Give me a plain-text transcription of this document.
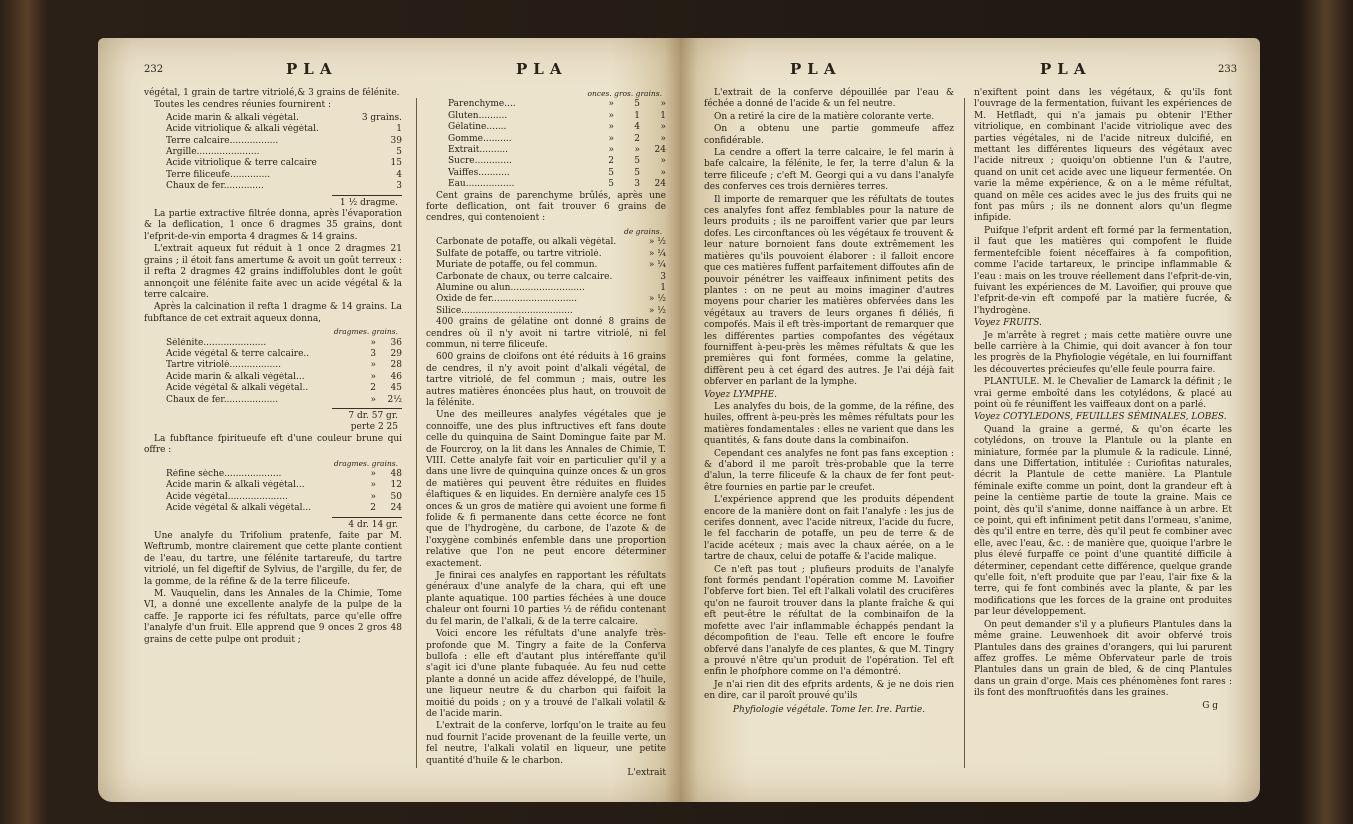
232	PLA	PLA

végétal, 1 grain de tartre vitriolé,& 3 grains de félénite.

Toutes les cendres réunies fournirent :

Acide marin & alkali végétal.	3 grains.
Acide vitriolique & alkali végétal.	1
Terre calcaire.................	39
Argille......................	5
Acide vitriolique & terre calcaire	15
Terre filiceufe..............	4
Chaux de fer..............	3
1 ½ dragme.

La partie extractive filtrée donna, après l'évaporation & la deflication, 1 once 6 dragmes 35 grains, dont l'efprit-de-vin emporta 4 dragmes & 14 grains.

L'extrait aqueux fut réduit à 1 once 2 dragmes 21 grains ; il étoit fans amertume & avoit un goût terreux : il refta 2 dragmes 42 grains indiffolubles dont le goût annonçoit une félénite faite avec un acide végétal & la terre calcaire.

Après la calcination il refta 1 dragme & 14 grains. La fubftance de cet extrait aqueux donna,

dragmes. grains.
Sélénite......................	»	36
Acide végétal & terre calcaire..	3	29
Tartre vitriolé..................	»	28
Acide marin & alkali végétal...	»	46
Acide végétal & alkali végétal..	2	45
Chaux de fer...................	»	2½
7 dr. 57 gr.
perte 2 25

La fubftance fpiritueufe eft d'une couleur brune qui offre :

dragmes. grains.
Réfine sèche....................	»	48
Acide marin & alkali végétal...	»	12
Acide végétal.....................	»	50
Acide végétal & alkali végétal...	2	24
4 dr. 14 gr.

Une analyfe du Trifolium pratenfe, faite par M. Weftrumb, montre clairement que cette plante contient de l'eau, du tartre, une félénite tartareufe, du tartre vitriolé, un fel digeftif de Sylvius, de l'argille, du fer, de la gomme, de la réfine & de la terre filiceufe.

M. Vauquelin, dans les Annales de la Chimie, Tome VI, a donné une excellente analyfe de la pulpe de la caffe. Je rapporte ici fes réfultats, parce qu'elle offre l'analyfe d'un fruit. Elle apprend que 9 onces 2 gros 48 grains de cette pulpe ont produit ;

onces. gros. grains.
Parenchyme....	»	5	»
Gluten..........	»	1	1
Gélatine.......	»	4	»
Gomme..........	»	2	»
Extrait..........	»	»	24
Sucre.............	2	5	»
Vaiffes...........	5	5	»
Eau.................	5	3	24

Cent grains de parenchyme brûlés, après une forte deflication, ont fait trouver 6 grains de cendres, qui contenoient :

de grains.
Carbonate de potaffe, ou alkali végétal.	» ½
Sulfate de potaffe, ou tartre vitriolé.	» ¼
Muriate de potaffe, ou fel commun.	» ¼
Carbonate de chaux, ou terre calcaire.	3
Alumine ou alun..........................	1
Oxide de fer..............................	» ½
Silice.......................................	» ½

400 grains de gélatine ont donné 8 grains de cendres où il n'y avoit ni tartre vitriolé, ni fel commun, ni terre filiceufe.

600 grains de cloifons ont été réduits à 16 grains de cendres, il n'y avoit point d'alkali végétal, de tartre vitriolé, de fel commun ; mais, outre les autres matières énoncées plus haut, on trouvoit de la félénite.

Une des meilleures analyfes végétales que je connoiffe, une des plus inftructives eft fans doute celle du quinquina de Saint Domingue faite par M. de Fourcroy, on la lit dans les Annales de Chimie, T. VIII. Cette analyfe fait voir en particulier qu'il y a dans une livre de quinquina quinze onces & un gros de matières qui peuvent être réduites en fluides élaftiques & en liquides. En dernière analyfe ces 15 onces & un gros de matière qui avoient une forme fi folide & fi permanente dans cette écorce ne font que de l'hydrogène, du carbone, de l'azote & de l'oxygène combinés enfemble dans une proportion relative que l'on ne peut encore déterminer exactement.

Je finirai ces analyfes en rapportant les réfultats généraux d'une analyfe de la chara, qui eft une plante aquatique. 100 parties féchées à une douce chaleur ont fourni 10 parties ½ de réfidu contenant du fel marin, de l'alkali, & de la terre calcaire.

Voici encore les réfultats d'une analyfe très-profonde que M. Tingry a faite de la Conferva bullofa : elle eft d'autant plus intéreffante qu'il s'agit ici d'une plante fubaquée. Au feu nud cette plante a donné un acide affez développé, de l'huile, une liqueur neutre & du charbon qui faifoit la moitié du poids ; on y a trouvé de l'alkali volatil & de l'acide marin.

L'extrait de la conferve, lorfqu'on le traite au feu nud fournit l'acide provenant de la feuille verte, un fel neutre, l'alkali volatil en liqueur, une petite quantité d'huile & le charbon.

L'extrait
PLA	PLA	233

L'extrait de la conferve dépouillée par l'eau & féchée a donné de l'acide & un fel neutre.

On a retiré la cire de la matière colorante verte.

On a obtenu une partie gommeufe affez confidérable.

La cendre a offert la terre calcaire, le fel marin à bafe calcaire, la félénite, le fer, la terre d'alun & la terre filiceufe ; c'eft M. Georgi qui a vu dans l'analyfe des conferves ces trois dernières terres.

Il importe de remarquer que les réfultats de toutes ces analyfes font affez femblables pour la nature de leurs produits ; ils ne paroiffent varier que par leurs dofes. Les circonftances où les végétaux fe trouvent & leur nature bornoient fans doute extrêmement les matières qu'ils pouvoient élaborer : il falloit encore que ces matières fuffent parfaitement diffoutes afin de pouvoir pénétrer les vaiffeaux infiniment petits des plantes : on ne peut au moins imaginer d'autres moyens pour charier les matières obfervées dans les végétaux au travers de leurs organes fi déliés, fi compofés. Mais il eft très-important de remarquer que les différentes parties compofantes des végétaux fourniffent à-peu-près les mêmes réfultats & que les premières qui font formées, comme la gelatine, diffèrent peu à cet égard des autres. Je l'ai déjà fait obferver en parlant de la lymphe.

Voyez LYMPHE.

Les analyfes du bois, de la gomme, de la réfine, des huiles, offrent à-peu-près les mêmes réfultats pour les matières fondamentales : elles ne varient que dans les quantités, & fans doute dans la combinaifon.

Cependant ces analyfes ne font pas fans exception : & d'abord il me paroît très-probable que la terre d'alun, la terre filiceufe & la chaux de fer font peut-être fournies en partie par le creufet.

L'expérience apprend que les produits dépendent encore de la manière dont on fait l'analyfe : les jus de cerifes donnent, avec l'acide nitreux, l'acide du fucre, le fel faccharin de potaffe, un peu de terre & de l'acide acéteux ; mais avec la chaux aérée, on a le tartre de chaux, celui de potaffe & l'acide malique.

Ce n'eft pas tout ; plufieurs produits de l'analyfe font formés pendant l'opération comme M. Lavoifier l'obferve fort bien. Tel eft l'alkali volatil des crucifères qu'on ne fauroit trouver dans la plante fraîche & qui eft peut-être le réfultat de la combinaifon de la mofette avec l'air inflammable échappés pendant la décompofition de l'eau. Telle eft encore le foufre obfervé dans l'analyfe de ces plantes, & que M. Tingry a prouvé n'être qu'un produit de l'opération. Tel eft enfin le phofphore comme on l'a démontré.

Je n'ai rien dit des efprits ardents, & je ne dois rien en dire, car il paroît prouvé qu'ils

Phyfiologie végétale. Tome Ier. Ire. Partie.

n'exiftent point dans les végétaux, & qu'ils font l'ouvrage de la fermentation, fuivant les expériences de M. Hetfladt, qui n'a jamais pu obtenir l'Ether vitriolique, en combinant l'acide vitriolique avec des parties végétales, ni de l'acide nitreux dulcifié, en mettant les différentes liqueurs des végétaux avec l'acide nitreux ; quoiqu'on obtienne l'un & l'autre, quand on unit cet acide avec une liqueur fermentée. On varie la même expérience, & on a le même réfultat, quand on mêle ces acides avec le jus des fruits qui ne font pas mûrs ; ils ne donnent alors qu'un flegme infipide.

Puifque l'efprit ardent eft formé par la fermentation, il faut que les matières qui compofent le fluide fermentefcible foient néceffaires à fa compofition, comme l'acide tartareux, le principe inflammable & l'eau : mais on les trouve réellement dans l'efprit-de-vin, fuivant les expériences de M. Lavoifier, qui prouve que l'efprit-de-vin eft compofé par la matière fucrée, & l'hydrogène.

Voyez FRUITS.

Je m'arrête à regret ; mais cette matière ouvre une belle carrière à la Chimie, qui doit avancer à fon tour les progrès de la Phyfiologie végétale, en lui fourniffant les découvertes précieufes qu'elle feule pourra faire.

PLANTULE. M. le Chevalier de Lamarck la définit ; le vrai germe emboîté dans les cotylédons, & placé au point où fe réuniffent les vaiffeaux dont on a parlé.

Voyez COTYLEDONS, FEUILLES SÉMINALES, LOBES.

Quand la graine a germé, & qu'on écarte les cotylédons, on trouve la Plantule ou la plante en miniature, formée par la plumule & la radicule. Linné, dans une Differtation, intitulée : Curiofitas naturales, décrit la Plantule de cette manière. La Plantule féminale exifte comme un point, dont la grandeur eft à peine la centième partie de toute la graine. Mais ce point, dès qu'il s'anime, donne naiffance à un arbre. Et ce point, qui eft infiniment petit dans l'ormeau, s'anime, dès qu'il entre en terre, dès qu'il peut fe combiner avec elle, avec l'eau, &c. : de manière que, quoique l'arbre le plus élevé furpaffe ce point d'une quantité difficile à déterminer, cependant cette différence, quelque grande qu'elle foit, n'eft produite que par l'eau, l'air fixe & la terre, qui fe font combinés avec la plante, & par les modifications que les forces de la graine ont produites par leur développement.

On peut demander s'il y a plufieurs Plantules dans la même graine. Leuwenhoek dit avoir obfervé trois Plantules dans des graines d'orangers, qui lui parurent affez groffes. Le même Obfervateur parle de trois Plantules dans un grain de bled, & de cinq Plantules dans un grain d'orge. Mais ces phénomènes font rares : ils font des monftruofités dans les graines.

G g
